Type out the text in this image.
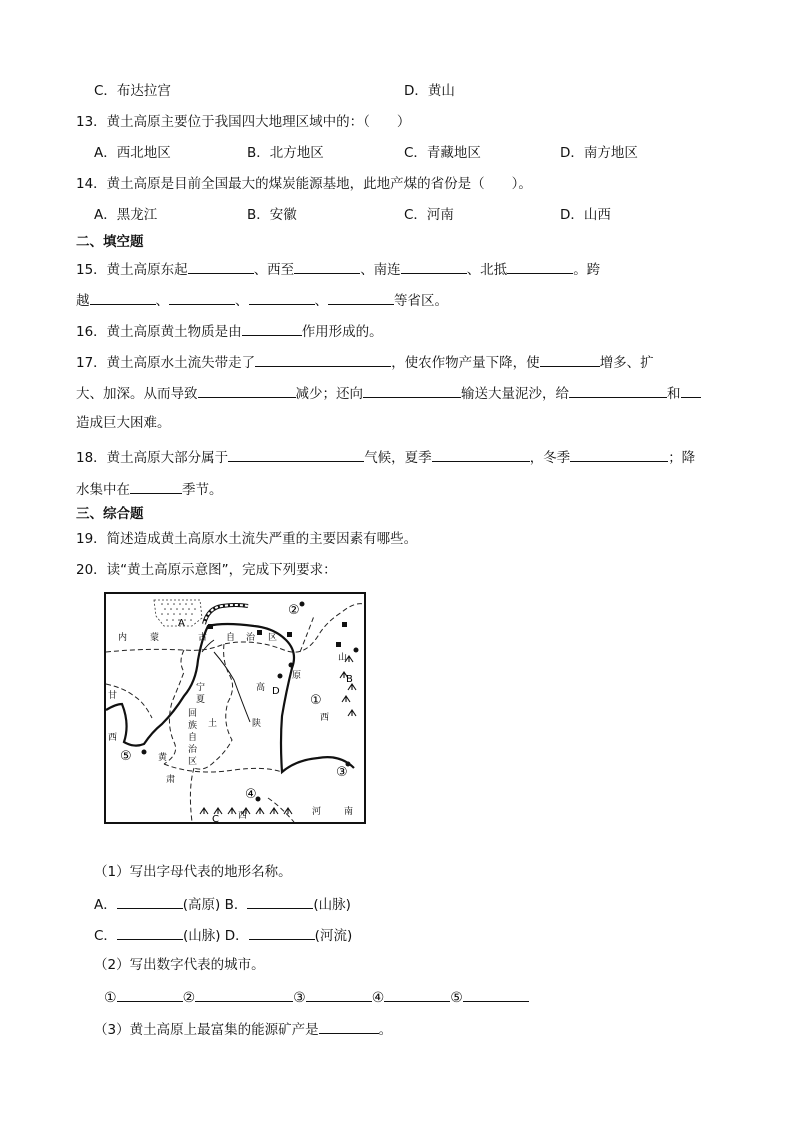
C．布达拉宫	D．黄山
13．黄土高原主要位于我国四大地理区域中的：（　　）
A．西北地区	B．北方地区	C．青藏地区	D．南方地区
14．黄土高原是目前全国最大的煤炭能源基地，此地产煤的省份是（　　）。
A．黑龙江	B．安徽	C．河南	D．山西
二、填空题
15．黄土高原东起	、西至	、南连	、北抵	。跨
越	、	、	、	等省区。
16．黄土高原黄土物质是由	作用形成的。
17．黄土高原水土流失带走了	，使农作物产量下降，使	增多、扩
大、加深。从而导致	减少；还向	输送大量泥沙，给	和
造成巨大困难。
18．黄土高原大部分属于	气候，夏季	，冬季	；降
水集中在	季节。
三、综合题
19．简述造成黄土高原水土流失严重的主要因素有哪些。
20．读“黄土高原示意图”，完成下列要求：
②
①
③
④
⑤
A
B
C
D
内	蒙	古 自 治 区
山
西
原
高
宁
夏
回
族
自
治
区
土
黄
陕
西
甘
肃
河	南
西
（1）写出字母代表的地形名称。
A．	(高原) B．	(山脉)
C．	(山脉) D．	(河流)
（2）写出数字代表的城市。
①	②	③	④	⑤
（3）黄土高原上最富集的能源矿产是	。
